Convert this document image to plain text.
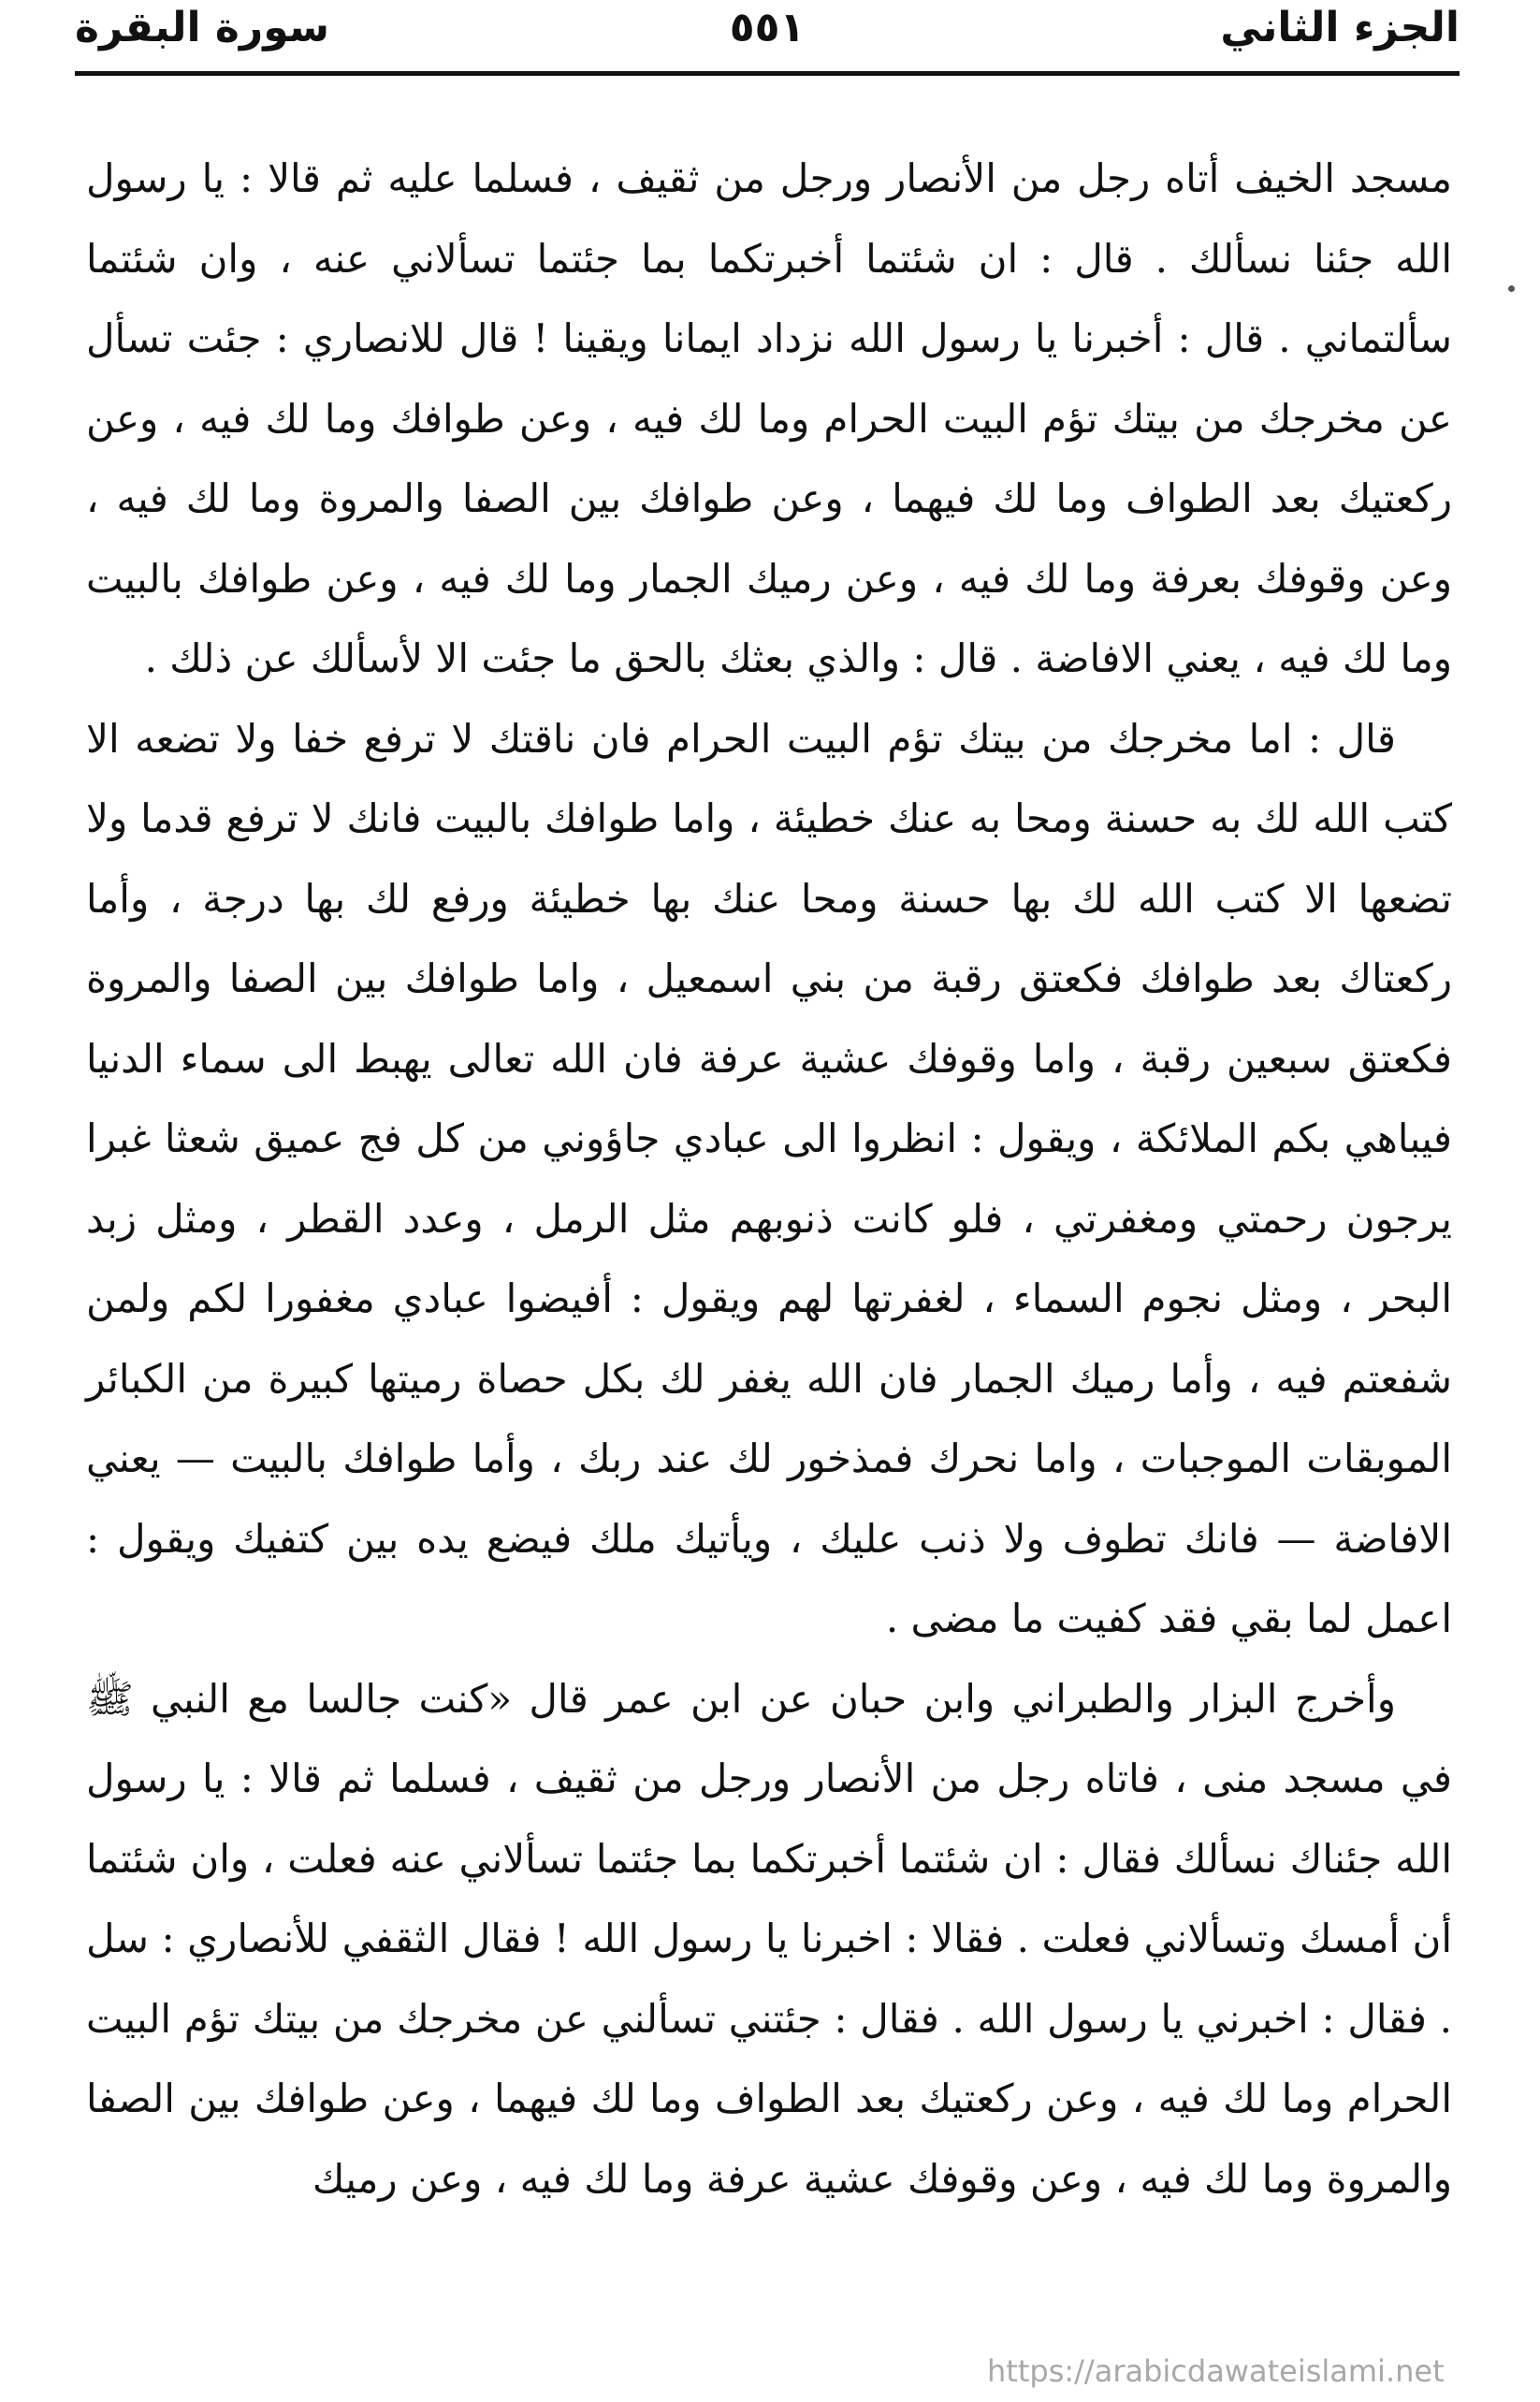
الجزء الثاني
٥٥١
سورة البقرة

مسجد الخيف أتاه رجل من الأنصار ورجل من ثقيف ، فسلما عليه ثم قالا : يا رسول الله جئنا نسألك . قال : ان شئتما أخبرتكما بما جئتما تسألاني عنه ، وان شئتما سألتماني . قال : أخبرنا يا رسول الله نزداد ايمانا ويقينا ! قال للانصاري : جئت تسأل عن مخرجك من بيتك تؤم البيت الحرام وما لك فيه ، وعن طوافك وما لك فيه ، وعن ركعتيك بعد الطواف وما لك فيهما ، وعن طوافك بين الصفا والمروة وما لك فيه ، وعن وقوفك بعرفة وما لك فيه ، وعن رميك الجمار وما لك فيه ، وعن طوافك بالبيت وما لك فيه ، يعني الافاضة . قال : والذي بعثك بالحق ما جئت الا لأسألك عن ذلك .

قال : اما مخرجك من بيتك تؤم البيت الحرام فان ناقتك لا ترفع خفا ولا تضعه الا كتب الله لك به حسنة ومحا به عنك خطيئة ، واما طوافك بالبيت فانك لا ترفع قدما ولا تضعها الا كتب الله لك بها حسنة ومحا عنك بها خطيئة ورفع لك بها درجة ، وأما ركعتاك بعد طوافك فكعتق رقبة من بني اسمعيل ، واما طوافك بين الصفا والمروة فكعتق سبعين رقبة ، واما وقوفك عشية عرفة فان الله تعالى يهبط الى سماء الدنيا فيباهي بكم الملائكة ، ويقول : انظروا الى عبادي جاؤوني من كل فج عميق شعثا غبرا يرجون رحمتي ومغفرتي ، فلو كانت ذنوبهم مثل الرمل ، وعدد القطر ، ومثل زبد البحر ، ومثل نجوم السماء ، لغفرتها لهم ويقول : أفيضوا عبادي مغفورا لكم ولمن شفعتم فيه ، وأما رميك الجمار فان الله يغفر لك بكل حصاة رميتها كبيرة من الكبائر الموبقات الموجبات ، واما نحرك فمذخور لك عند ربك ، وأما طوافك بالبيت — يعني الافاضة — فانك تطوف ولا ذنب عليك ، ويأتيك ملك فيضع يده بين كتفيك ويقول : اعمل لما بقي فقد كفيت ما مضى .

وأخرج البزار والطبراني وابن حبان عن ابن عمر قال «كنت جالسا مع النبي ﷺ في مسجد منى ، فاتاه رجل من الأنصار ورجل من ثقيف ، فسلما ثم قالا : يا رسول الله جئناك نسألك فقال : ان شئتما أخبرتكما بما جئتما تسألاني عنه فعلت ، وان شئتما أن أمسك وتسألاني فعلت . فقالا : اخبرنا يا رسول الله ! فقال الثقفي للأنصاري : سل . فقال : اخبرني يا رسول الله . فقال : جئتني تسألني عن مخرجك من بيتك تؤم البيت الحرام وما لك فيه ، وعن ركعتيك بعد الطواف وما لك فيهما ، وعن طوافك بين الصفا والمروة وما لك فيه ، وعن وقوفك عشية عرفة وما لك فيه ، وعن رميك

https://arabicdawateislami.net
